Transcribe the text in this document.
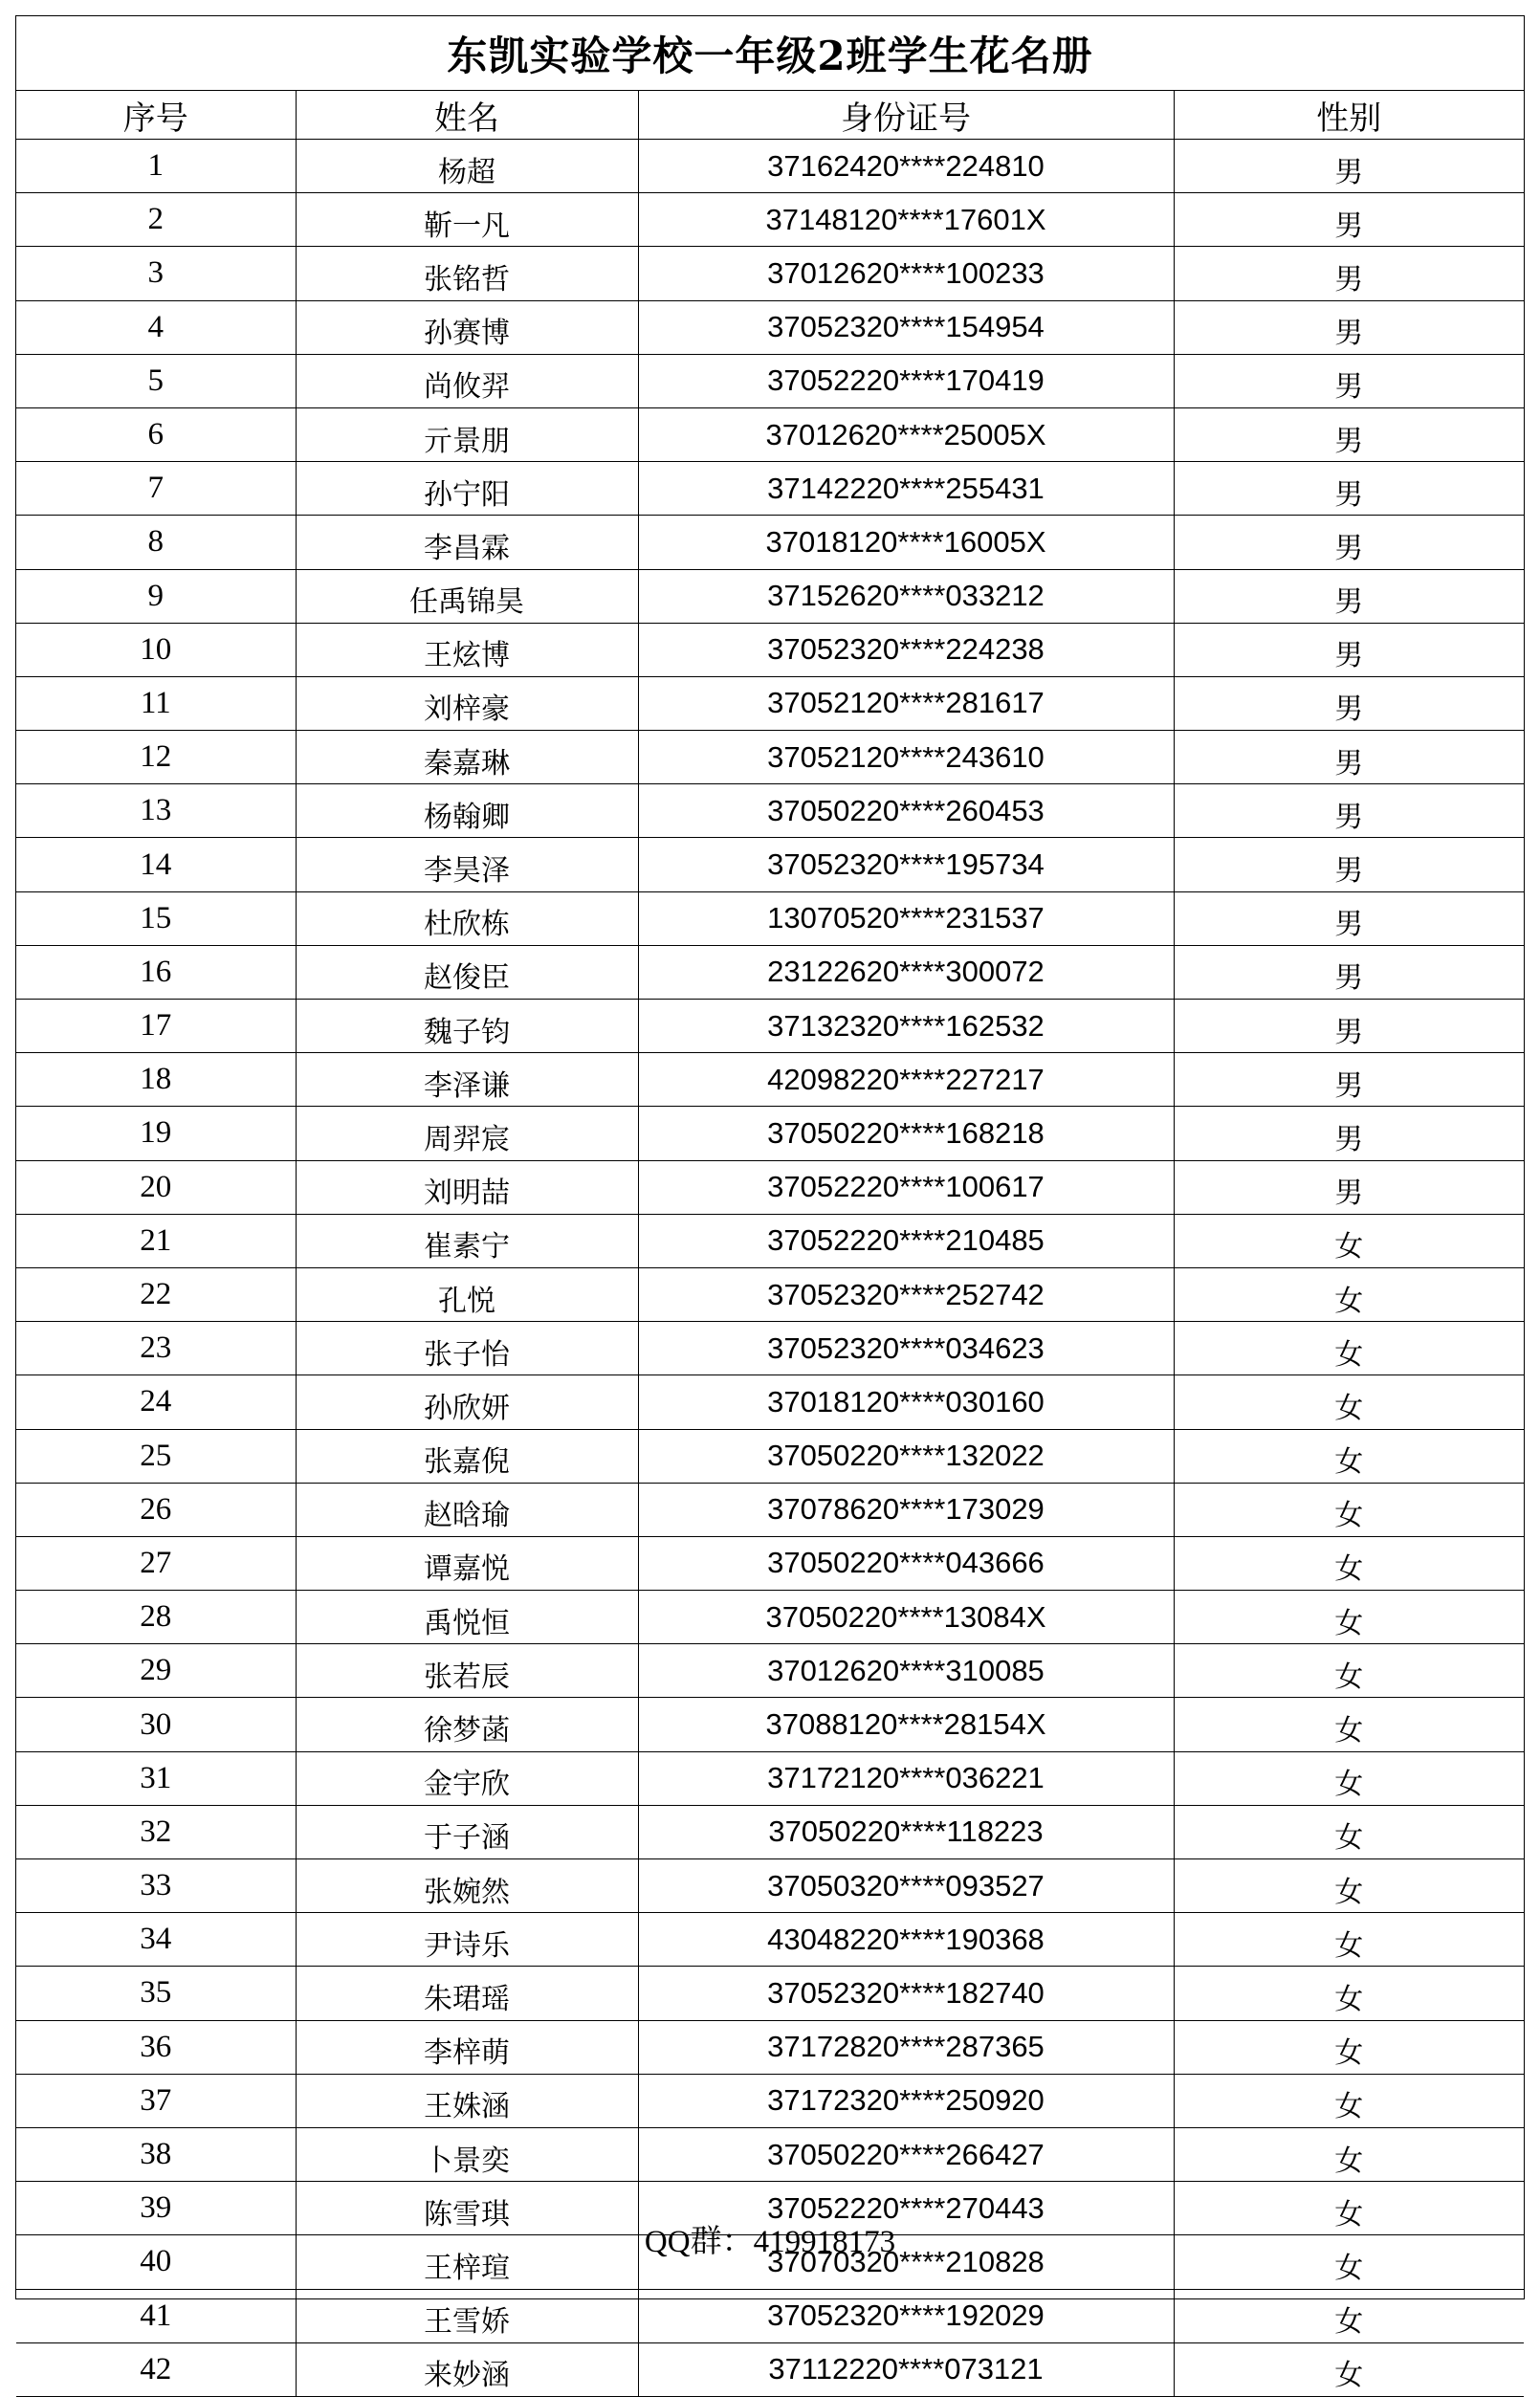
东凯实验学校一年级2班学生花名册
序号	姓名	身份证号	性别
1	杨超	37162420****224810	男
2	靳一凡	37148120****17601X	男
3	张铭哲	37012620****100233	男
4	孙赛博	37052320****154954	男
5	尚攸羿	37052220****170419	男
6	亓景朋	37012620****25005X	男
7	孙宁阳	37142220****255431	男
8	李昌霖	37018120****16005X	男
9	任禹锦昊	37152620****033212	男
10	王炫博	37052320****224238	男
11	刘梓豪	37052120****281617	男
12	秦嘉琳	37052120****243610	男
13	杨翰卿	37050220****260453	男
14	李昊泽	37052320****195734	男
15	杜欣栋	13070520****231537	男
16	赵俊臣	23122620****300072	男
17	魏子钧	37132320****162532	男
18	李泽谦	42098220****227217	男
19	周羿宸	37050220****168218	男
20	刘明喆	37052220****100617	男
21	崔素宁	37052220****210485	女
22	孔悦	37052320****252742	女
23	张子怡	37052320****034623	女
24	孙欣妍	37018120****030160	女
25	张嘉倪	37050220****132022	女
26	赵晗瑜	37078620****173029	女
27	谭嘉悦	37050220****043666	女
28	禹悦恒	37050220****13084X	女
29	张若辰	37012620****310085	女
30	徐梦菡	37088120****28154X	女
31	金宇欣	37172120****036221	女
32	于子涵	37050220****118223	女
33	张婉然	37050320****093527	女
34	尹诗乐	43048220****190368	女
35	朱珺瑶	37052320****182740	女
36	李梓萌	37172820****287365	女
37	王姝涵	37172320****250920	女
38	卜景奕	37050220****266427	女
39	陈雪琪	37052220****270443	女
40	王梓瑄	37070320****210828	女
41	王雪娇	37052320****192029	女
42	来妙涵	37112220****073121	女
QQ群：419918173
